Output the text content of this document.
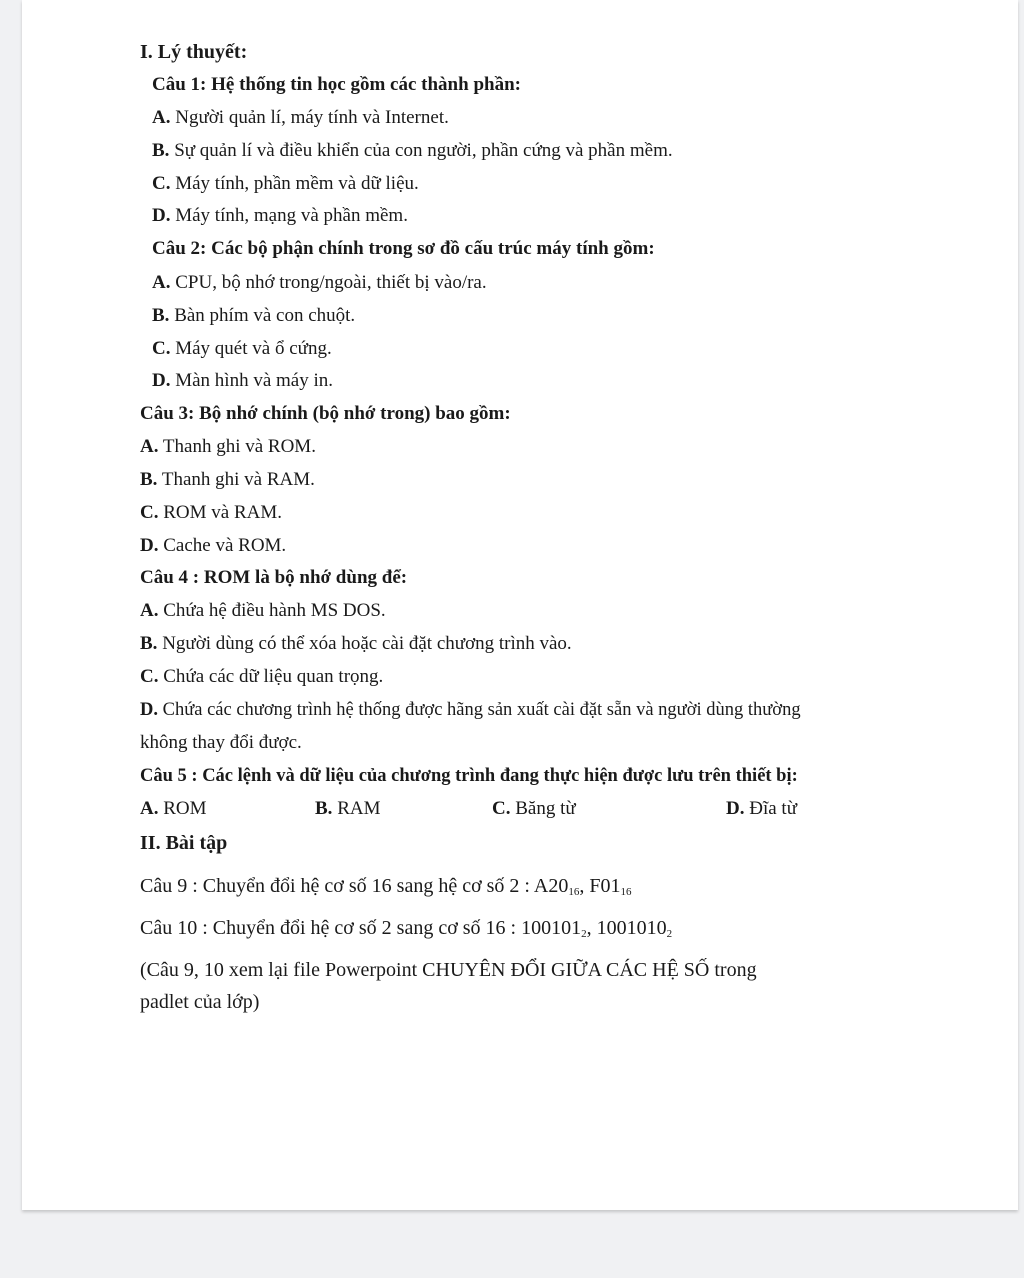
I. Lý thuyết:
Câu 1: Hệ thống tin học gồm các thành phần:
A. Người quản lí, máy tính và Internet.
B. Sự quản lí và điều khiển của con người, phần cứng và phần mềm.
C. Máy tính, phần mềm và dữ liệu.
D. Máy tính, mạng và phần mềm.
Câu 2: Các bộ phận chính trong sơ đồ cấu trúc máy tính gồm:
A. CPU, bộ nhớ trong/ngoài, thiết bị vào/ra.
B. Bàn phím và con chuột.
C. Máy quét và ổ cứng.
D. Màn hình và máy in.
Câu 3: Bộ nhớ chính (bộ nhớ trong) bao gồm:
A. Thanh ghi và ROM.
B. Thanh ghi và RAM.
C. ROM và RAM.
D. Cache và ROM.
Câu 4 : ROM là bộ nhớ dùng để:
A. Chứa hệ điều hành MS DOS.
B. Người dùng có thể xóa hoặc cài đặt chương trình vào.
C. Chứa các dữ liệu quan trọng.
D. Chứa các chương trình hệ thống được hãng sản xuất cài đặt sẵn và người dùng thường
không thay đổi được.
Câu 5 : Các lệnh và dữ liệu của chương trình đang thực hiện được lưu trên thiết bị:
A. ROM	B. RAM	C. Băng từ	D. Đĩa từ
II. Bài tập
Câu 9 : Chuyển đổi hệ cơ số 16 sang hệ cơ số 2 : $A20_{16}$, $F01_{16}$
Câu 10 : Chuyển đổi hệ cơ số 2 sang cơ số 16 : $100101_2$, $1001010_2$
(Câu 9, 10 xem lại file Powerpoint CHUYÊN ĐỔI GIỮA CÁC HỆ SỐ trong
padlet của lớp)
